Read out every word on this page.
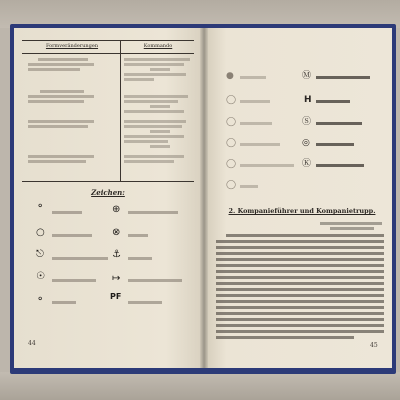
Formveränderungen	Kommando
Zeichen:
⚬	⊕
○	⊗
⎋	⚓
☉	↦
⚬	PF
44
●
◯
◯
◯
◯
◯
Ⓜ
H
Ⓢ
◎
Ⓚ
2. Kompanieführer und Kompanietrupp.
45
